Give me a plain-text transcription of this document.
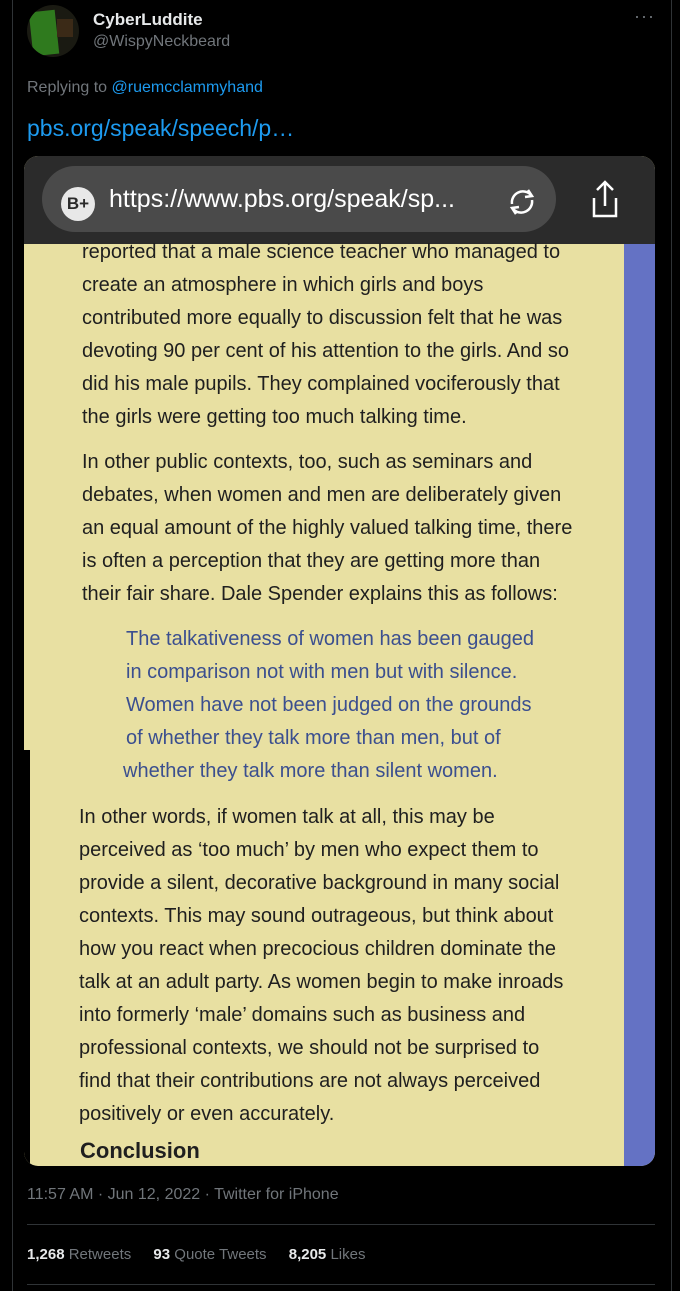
CyberLuddite
@WispyNeckbeard
···
Replying to @ruemcclammyhand
pbs.org/speak/speech/p…
B+ https://www.pbs.org/speak/sp...
reported that a male science teacher who managed to
create an atmosphere in which girls and boys
contributed more equally to discussion felt that he was
devoting 90 per cent of his attention to the girls. And so
did his male pupils. They complained vociferously that
the girls were getting too much talking time.
In other public contexts, too, such as seminars and
debates, when women and men are deliberately given
an equal amount of the highly valued talking time, there
is often a perception that they are getting more than
their fair share. Dale Spender explains this as follows:
The talkativeness of women has been gauged
in comparison not with men but with silence.
Women have not been judged on the grounds
of whether they talk more than men, but of
whether they talk more than silent women.
In other words, if women talk at all, this may be
perceived as ‘too much’ by men who expect them to
provide a silent, decorative background in many social
contexts. This may sound outrageous, but think about
how you react when precocious children dominate the
talk at an adult party. As women begin to make inroads
into formerly ‘male’ domains such as business and
professional contexts, we should not be surprised to
find that their contributions are not always perceived
positively or even accurately.
Conclusion
11:57 AM · Jun 12, 2022 · Twitter for iPhone
1,268 Retweets 93 Quote Tweets 8,205 Likes
